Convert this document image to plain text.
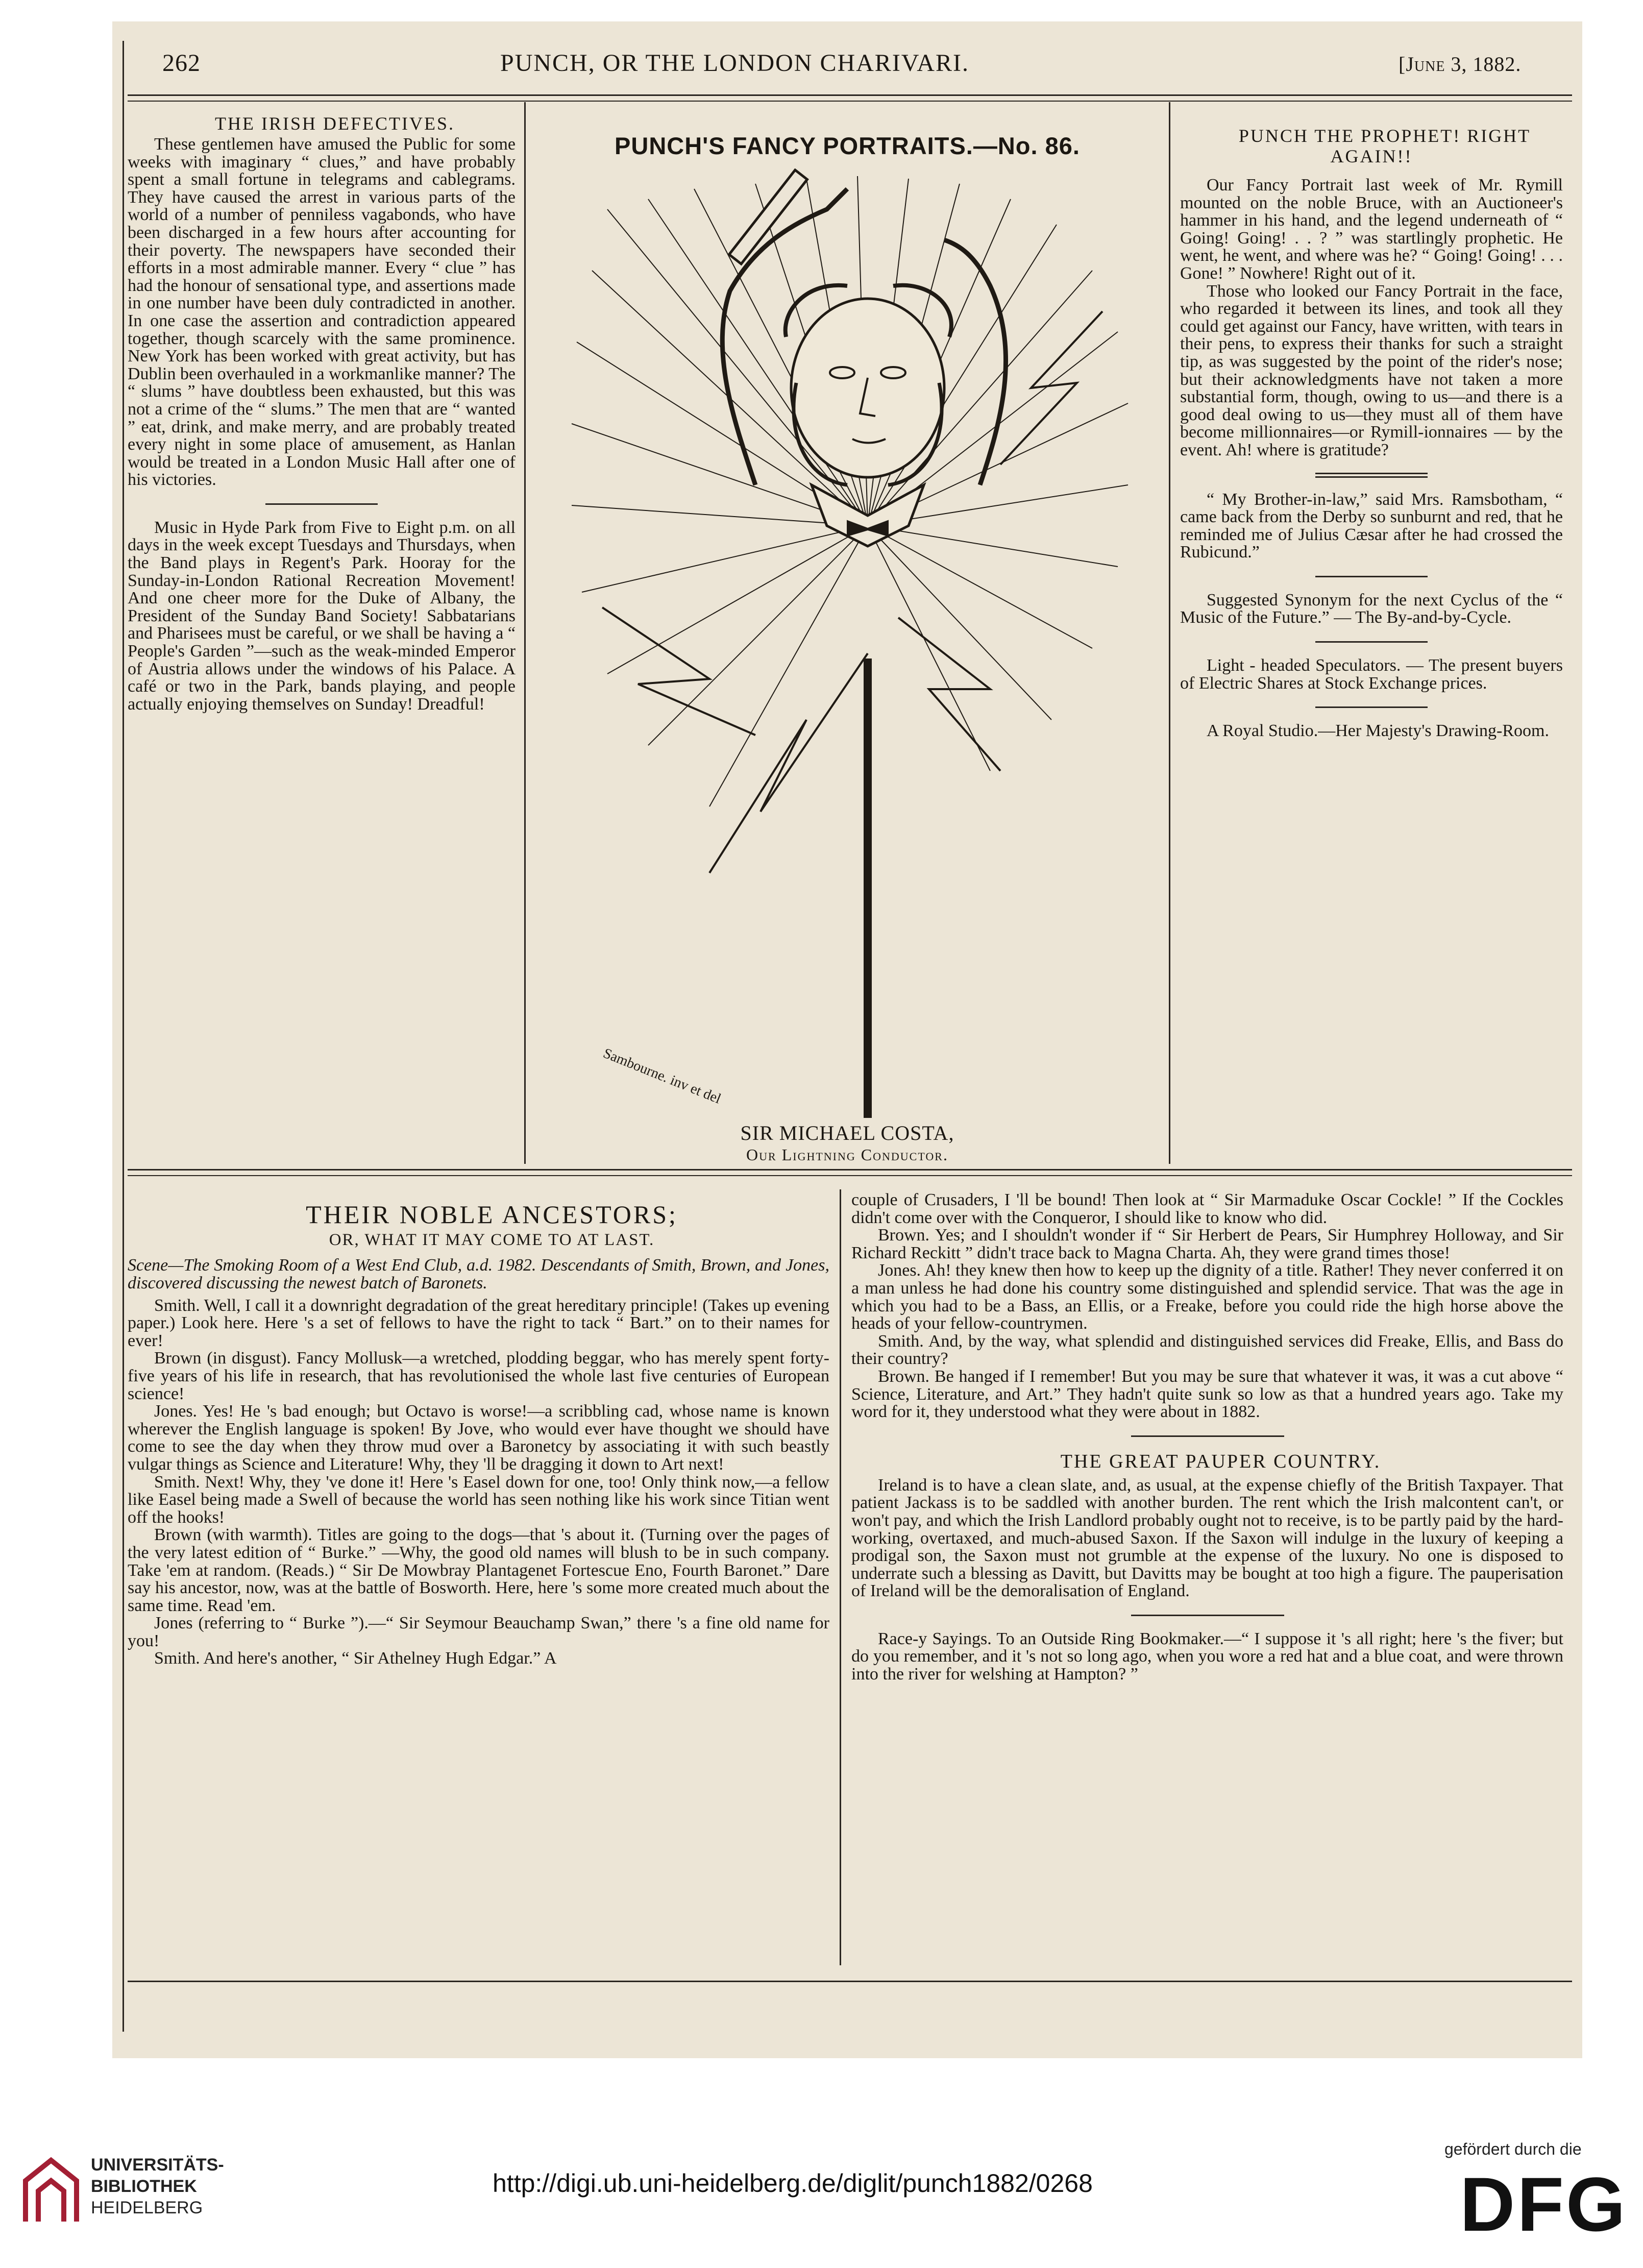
262	PUNCH, OR THE LONDON CHARIVARI.	[June 3, 1882.

THE IRISH DEFECTIVES.

These gentlemen have amused the Public for some weeks with imaginary “ clues,” and have probably spent a small fortune in telegrams and cablegrams. They have caused the arrest in various parts of the world of a number of penniless vagabonds, who have been discharged in a few hours after accounting for their poverty. The newspapers have seconded their efforts in a most admirable manner. Every “ clue ” has had the honour of sensational type, and assertions made in one number have been duly contradicted in another. In one case the assertion and contradiction appeared together, though scarcely with the same prominence. New York has been worked with great activity, but has Dublin been overhauled in a workmanlike manner? The “ slums ” have doubtless been exhausted, but this was not a crime of the “ slums.” The men that are “ wanted ” eat, drink, and make merry, and are probably treated every night in some place of amusement, as Hanlan would be treated in a London Music Hall after one of his victories.

Music in Hyde Park from Five to Eight p.m. on all days in the week except Tuesdays and Thursdays, when the Band plays in Regent's Park. Hooray for the Sunday-in-London Rational Recreation Movement! And one cheer more for the Duke of Albany, the President of the Sunday Band Society! Sabbatarians and Pharisees must be careful, or we shall be having a “ People's Garden ”—such as the weak-minded Emperor of Austria allows under the windows of his Palace. A café or two in the Park, bands playing, and people actually enjoying themselves on Sunday! Dreadful!

PUNCH'S FANCY PORTRAITS.—No. 86.
Sambourne. inv et del
SIR MICHAEL COSTA,
Our Lightning Conductor.

PUNCH THE PROPHET! RIGHT AGAIN!!

Our Fancy Portrait last week of Mr. Rymill mounted on the noble Bruce, with an Auctioneer's hammer in his hand, and the legend underneath of “ Going! Going! . . ? ” was startlingly prophetic. He went, he went, and where was he? “ Going! Going! . . . Gone! ” Nowhere! Right out of it.

Those who looked our Fancy Portrait in the face, who regarded it between its lines, and took all they could get against our Fancy, have written, with tears in their pens, to express their thanks for such a straight tip, as was suggested by the point of the rider's nose; but their acknowledgments have not taken a more substantial form, though, owing to us—and there is a good deal owing to us—they must all of them have become millionnaires—or Rymill-ionnaires — by the event. Ah! where is gratitude?

“ My Brother-in-law,” said Mrs. Ramsbotham, “ came back from the Derby so sunburnt and red, that he reminded me of Julius Cæsar after he had crossed the Rubicund.”

Suggested Synonym for the next Cyclus of the “ Music of the Future.” — The By-and-by-Cycle.

Light - headed Speculators. — The present buyers of Electric Shares at Stock Exchange prices.

A Royal Studio.—Her Majesty's Drawing-Room.

THEIR NOBLE ANCESTORS;

OR, WHAT IT MAY COME TO AT LAST.

Scene—The Smoking Room of a West End Club, a.d. 1982. Descendants of Smith, Brown, and Jones, discovered discussing the newest batch of Baronets.

Smith. Well, I call it a downright degradation of the great hereditary principle! (Takes up evening paper.) Look here. Here 's a set of fellows to have the right to tack “ Bart.” on to their names for ever!

Brown (in disgust). Fancy Mollusk—a wretched, plodding beggar, who has merely spent forty-five years of his life in research, that has revolutionised the whole last five centuries of European science!

Jones. Yes! He 's bad enough; but Octavo is worse!—a scribbling cad, whose name is known wherever the English language is spoken! By Jove, who would ever have thought we should have come to see the day when they throw mud over a Baronetcy by associating it with such beastly vulgar things as Science and Literature! Why, they 'll be dragging it down to Art next!

Smith. Next! Why, they 've done it! Here 's Easel down for one, too! Only think now,—a fellow like Easel being made a Swell of because the world has seen nothing like his work since Titian went off the hooks!

Brown (with warmth). Titles are going to the dogs—that 's about it. (Turning over the pages of the very latest edition of “ Burke.” —Why, the good old names will blush to be in such company. Take 'em at random. (Reads.) “ Sir De Mowbray Plantagenet Fortescue Eno, Fourth Baronet.” Dare say his ancestor, now, was at the battle of Bosworth. Here, here 's some more created much about the same time. Read 'em.

Jones (referring to “ Burke ”).—“ Sir Seymour Beauchamp Swan,” there 's a fine old name for you!

Smith. And here's another, “ Sir Athelney Hugh Edgar.” A

couple of Crusaders, I 'll be bound! Then look at “ Sir Marmaduke Oscar Cockle! ” If the Cockles didn't come over with the Conqueror, I should like to know who did.

Brown. Yes; and I shouldn't wonder if “ Sir Herbert de Pears, Sir Humphrey Holloway, and Sir Richard Reckitt ” didn't trace back to Magna Charta. Ah, they were grand times those!

Jones. Ah! they knew then how to keep up the dignity of a title. Rather! They never conferred it on a man unless he had done his country some distinguished and splendid service. That was the age in which you had to be a Bass, an Ellis, or a Freake, before you could ride the high horse above the heads of your fellow-countrymen.

Smith. And, by the way, what splendid and distinguished services did Freake, Ellis, and Bass do their country?

Brown. Be hanged if I remember! But you may be sure that whatever it was, it was a cut above “ Science, Literature, and Art.” They hadn't quite sunk so low as that a hundred years ago. Take my word for it, they understood what they were about in 1882.

THE GREAT PAUPER COUNTRY.

Ireland is to have a clean slate, and, as usual, at the expense chiefly of the British Taxpayer. That patient Jackass is to be saddled with another burden. The rent which the Irish malcontent can't, or won't pay, and which the Irish Landlord probably ought not to receive, is to be partly paid by the hard-working, overtaxed, and much-abused Saxon. If the Saxon will indulge in the luxury of keeping a prodigal son, the Saxon must not grumble at the expense of the luxury. No one is disposed to underrate such a blessing as Davitt, but Davitts may be bought at too high a figure. The pauperisation of Ireland will be the demoralisation of England.

Race-y Sayings. To an Outside Ring Bookmaker.—“ I suppose it 's all right; here 's the fiver; but do you remember, and it 's not so long ago, when you wore a red hat and a blue coat, and were thrown into the river for welshing at Hampton? ”

UNIVERSITÄTS-
BIBLIOTHEK
HEIDELBERG
http://digi.ub.uni-heidelberg.de/diglit/punch1882/0268
gefördert durch die
DFG
